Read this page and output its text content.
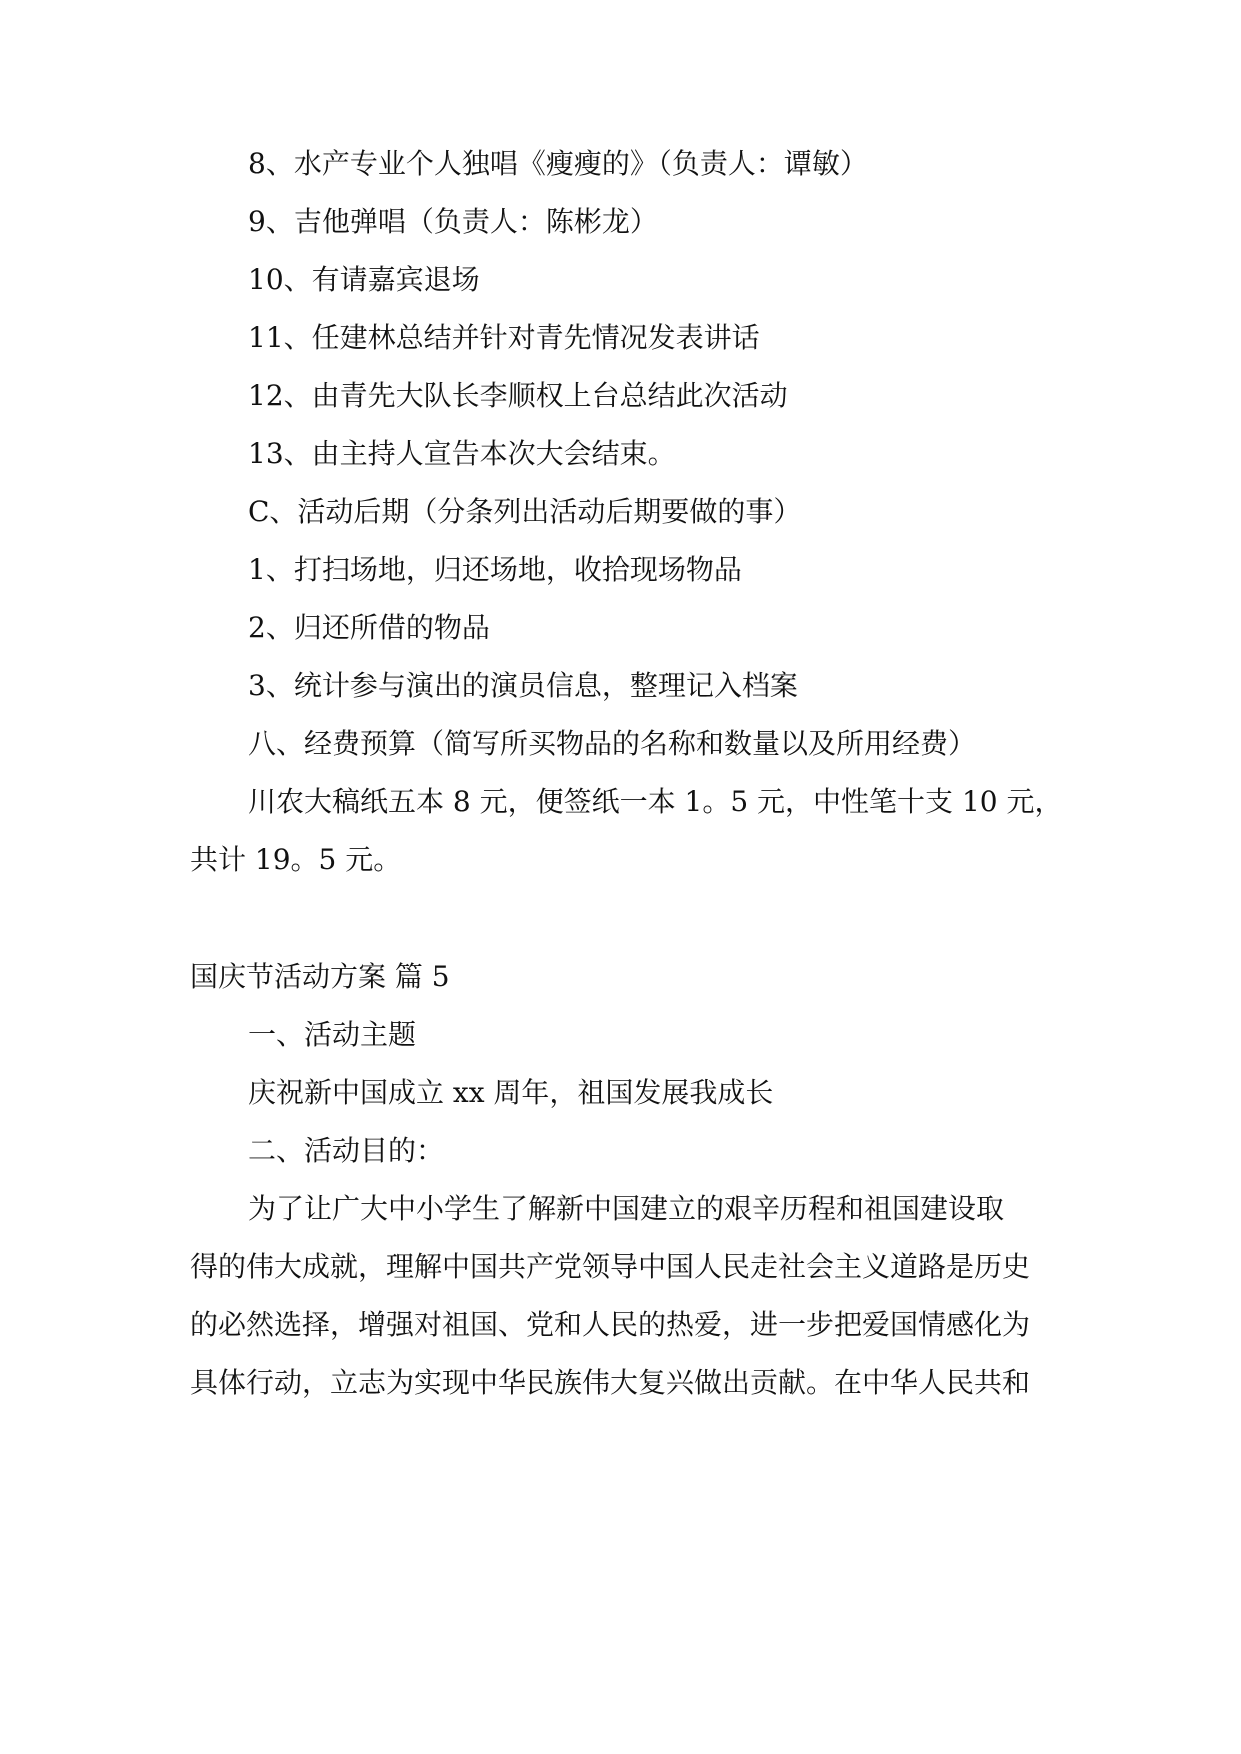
8、水产专业个人独唱《瘦瘦的》（负责人：谭敏）
9、吉他弹唱（负责人：陈彬龙）
10、有请嘉宾退场
11、任建林总结并针对青先情况发表讲话
12、由青先大队长李顺权上台总结此次活动
13、由主持人宣告本次大会结束。
C、活动后期（分条列出活动后期要做的事）
1、打扫场地，归还场地，收拾现场物品
2、归还所借的物品
3、统计参与演出的演员信息，整理记入档案
八、经费预算（简写所买物品的名称和数量以及所用经费）
川农大稿纸五本 8 元，便签纸一本 1。5 元，中性笔十支 10 元，
共计 19。5 元。
国庆节活动方案 篇 5
一、活动主题
庆祝新中国成立 xx 周年，祖国发展我成长
二、活动目的：
为了让广大中小学生了解新中国建立的艰辛历程和祖国建设取
得的伟大成就，理解中国共产党领导中国人民走社会主义道路是历史
的必然选择，增强对祖国、党和人民的热爱，进一步把爱国情感化为
具体行动，立志为实现中华民族伟大复兴做出贡献。在中华人民共和
